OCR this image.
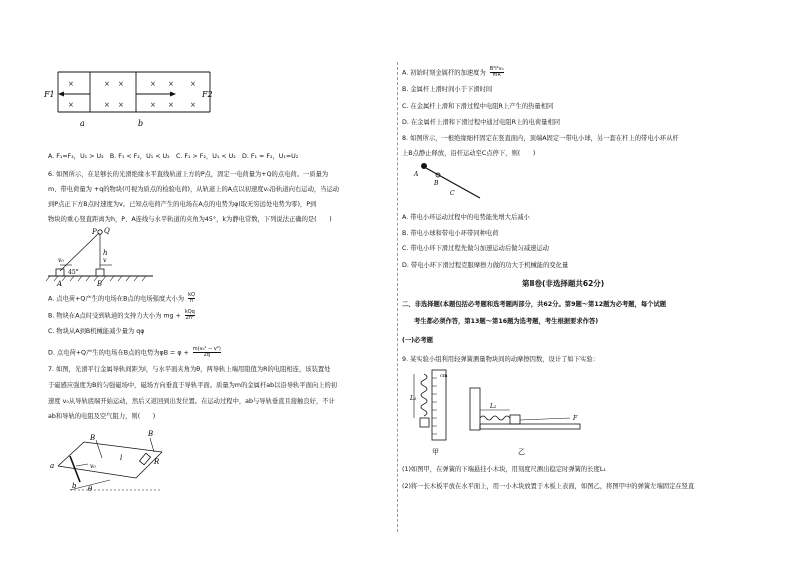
×	× ×	× × ×
×	× ×	× × ×
F1	F2
a	b
A. F₁=F₂，U₁ > U₂　B. F₁ < F₂，U₁ < U₂　C. F₁ > F₂，U₁ < U₂　D. F₁ = F₂，U₁=U₂
6. 如图所示，在足够长的光滑绝缘水平直线轨道上方的P点，固定一电荷量为+Q的点电荷。一质量为
m、带电荷量为 +q的物块(可视为质点的检验电荷)，从轨道上的A点以初速度v₀沿轨道向右运动，当运动
到P点正下方B点时速度为v。已知点电荷产生的电场在A点的电势为φ(取无穷远处电势为零)，P到
物块的重心竖直距离为h，P、A连线与水平轨道的夹角为45°，k为静电常数，下列说法正确的是(　　)
P Q
h
v₀	v
45°
A	B
A. 点电荷+Q产生的电场在B点的电场强度大小为 $\frac{kQ}{h}$
B. 物块在A点时受到轨道的支持力大小为 mg +
kQq
2h²
C. 物块从A到B机械能减少量为 qφ
D. 点电荷+Q产生的电场在B点的电势为$\varphi B = \varphi + \frac{\text{m(v₀² − v²)}}{2q}$
7. 如图，光滑平行金属导轨间距为l，与水平面夹角为θ，两导轨上端用阻值为R的电阻相连，该装置处
于磁感应强度为B的匀强磁场中，磁场方向垂直于导轨平面。质量为m的金属杆ab以沿导轨平面向上的初
速度 v₀从导轨底端开始运动，然后又返回到出发位置。在运动过程中，ab与导轨垂直且接触良好，不计
ab和导轨的电阻及空气阻力，则(　　)
B	B
R
l
a
b
v₀
θ
A. 初始时刻金属杆的加速度为 $\frac{\text{B²l²v₀}}{mR}$
B. 金属杆上滑时间小于下滑时间
C. 在金属杆上滑和下滑过程中电阻R上产生的热量相同
D. 在金属杆上滑和下滑过程中通过电阻R上的电荷量相同
8. 如图所示，一根绝缘细杆固定在竖直面内，顶端A固定一带电小球，另一套在杆上的带电小环从杆
上B点静止释放，沿杆运动至C点停下，则(　　)
A
B
C
A. 带电小环运动过程中的电势能先增大后减小
B. 带电小球和带电小环带同种电荷
C. 带电小环下滑过程先做匀加速运动后做匀减速运动
D. 带电小环下滑过程克服摩擦力做的功大于机械能的变化量
第Ⅱ卷(非选择题共62分)
二、非选择题(本题包括必考题和选考题两部分，共62分。第9题～第12题为必考题，每个试题
考生都必须作答，第13题～第16题为选考题，考生根据要求作答)
(一)必考题
9. 某实验小组利用轻弹簧测量物块间的动摩擦因数，设计了如下实验：
cm
L₁
L₂
F
甲	乙
(1)如图甲，在弹簧的下端悬挂小木块，用刻度尺测出稳定时弹簧的长度L₁
(2)将一长木板平放在水平面上，用一小木块放置于木板上表面，如图乙，将图甲中的弹簧左端固定在竖直
